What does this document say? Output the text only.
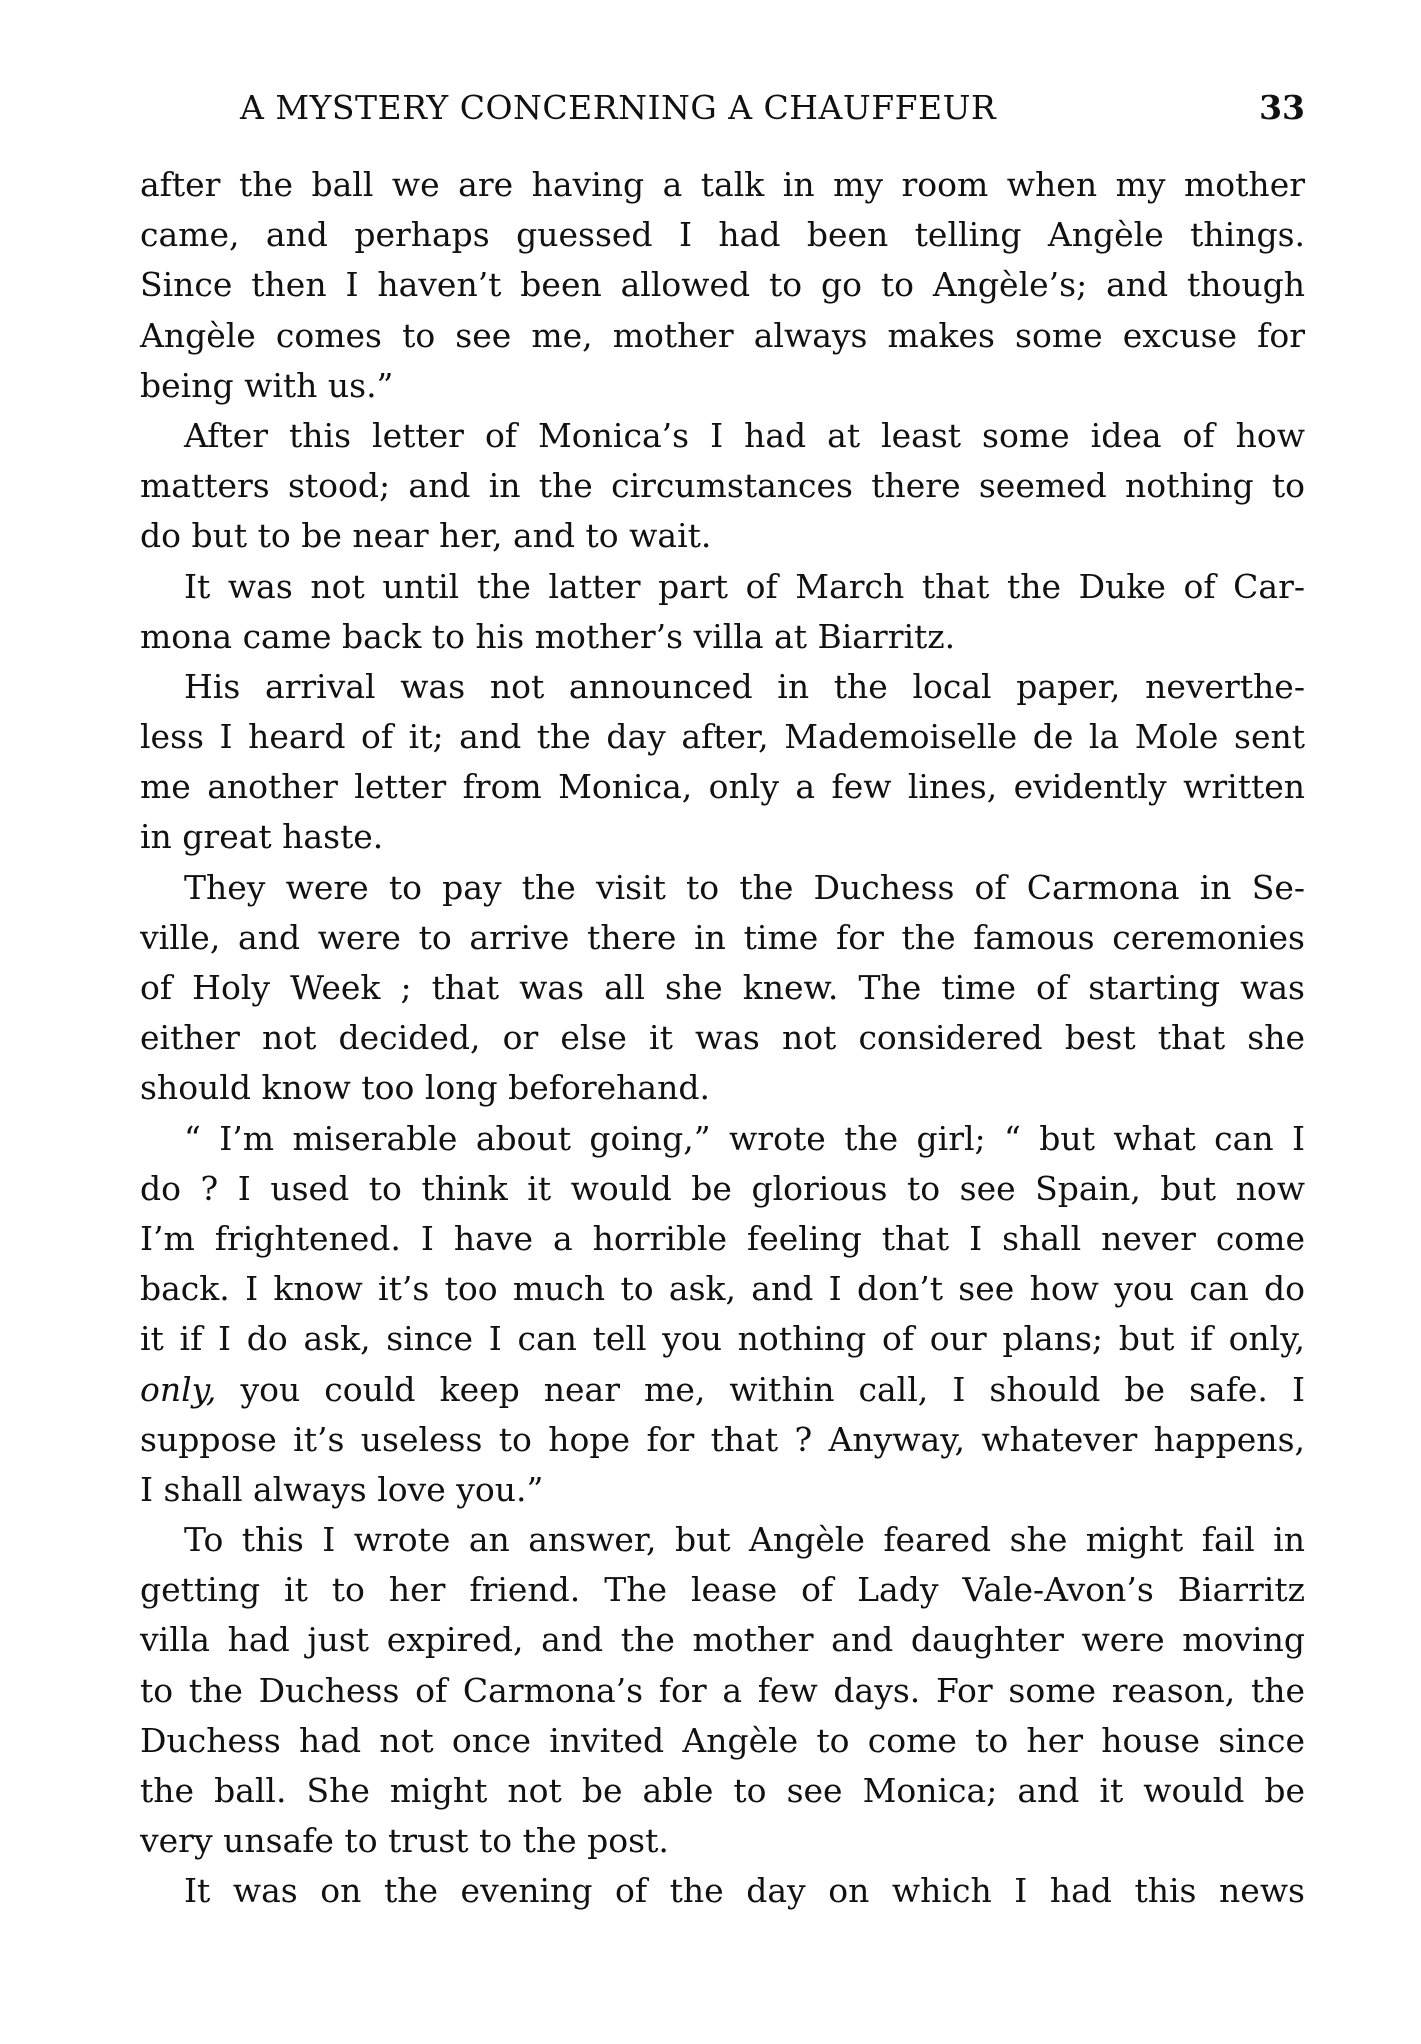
A MYSTERY CONCERNING A CHAUFFEUR	33
after the ball we are having a talk in my room when my mother
came, and perhaps guessed I had been telling Angèle things.
Since then I haven’t been allowed to go to Angèle’s; and though
Angèle comes to see me, mother always makes some excuse for
being with us.”
After this letter of Monica’s I had at least some idea of how
matters stood; and in the circumstances there seemed nothing to
do but to be near her, and to wait.
It was not until the latter part of March that the Duke of Car-
mona came back to his mother’s villa at Biarritz.
His arrival was not announced in the local paper, neverthe-
less I heard of it; and the day after, Mademoiselle de la Mole sent
me another letter from Monica, only a few lines, evidently written
in great haste.
They were to pay the visit to the Duchess of Carmona in Se-
ville, and were to arrive there in time for the famous ceremonies
of Holy Week ; that was all she knew. The time of starting was
either not decided, or else it was not considered best that she
should know too long beforehand.
“ I’m miserable about going,” wrote the girl; “ but what can I
do ? I used to think it would be glorious to see Spain, but now
I’m frightened. I have a horrible feeling that I shall never come
back. I know it’s too much to ask, and I don’t see how you can do
it if I do ask, since I can tell you nothing of our plans; but if only,
only, you could keep near me, within call, I should be safe. I
suppose it’s useless to hope for that ? Anyway, whatever happens,
I shall always love you.”
To this I wrote an answer, but Angèle feared she might fail in
getting it to her friend. The lease of Lady Vale-Avon’s Biarritz
villa had just expired, and the mother and daughter were moving
to the Duchess of Carmona’s for a few days. For some reason, the
Duchess had not once invited Angèle to come to her house since
the ball. She might not be able to see Monica; and it would be
very unsafe to trust to the post.
It was on the evening of the day on which I had this news
